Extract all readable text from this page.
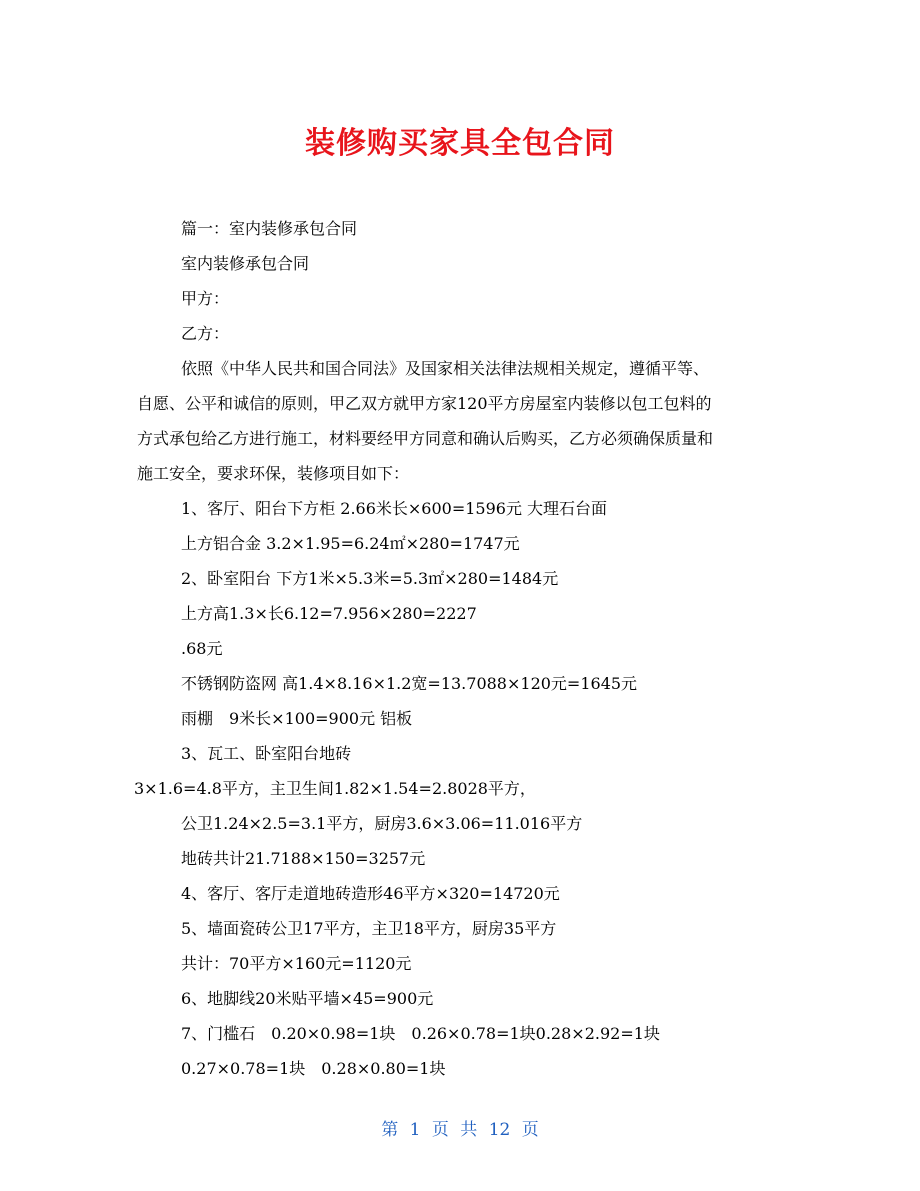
装修购买家具全包合同
篇一：室内装修承包合同
室内装修承包合同
甲方：
乙方：
依照《中华人民共和国合同法》及国家相关法律法规相关规定，遵循平等、
自愿、公平和诚信的原则，甲乙双方就甲方家120平方房屋室内装修以包工包料的
方式承包给乙方进行施工，材料要经甲方同意和确认后购买，乙方必须确保质量和
施工安全，要求环保，装修项目如下：
1、客厅、阳台下方柜 2.66米长×600=1596元 大理石台面
上方铝合金 3.2×1.95=6.24㎡×280=1747元
2、卧室阳台 下方1米×5.3米=5.3㎡×280=1484元
上方高1.3×长6.12=7.956×280=2227
.68元
不锈钢防盗网 高1.4×8.16×1.2宽=13.7088×120元=1645元
雨棚　9米长×100=900元 铝板
3、瓦工、卧室阳台地砖
3×1.6=4.8平方，主卫生间1.82×1.54=2.8028平方，
公卫1.24×2.5=3.1平方，厨房3.6×3.06=11.016平方
地砖共计21.7188×150=3257元
4、客厅、客厅走道地砖造形46平方×320=14720元
5、墙面瓷砖公卫17平方，主卫18平方，厨房35平方
共计：70平方×160元=1120元
6、地脚线20米贴平墙×45=900元
7、门槛石　0.20×0.98=1块　0.26×0.78=1块0.28×2.92=1块
0.27×0.78=1块　0.28×0.80=1块
第 1 页 共 12 页
